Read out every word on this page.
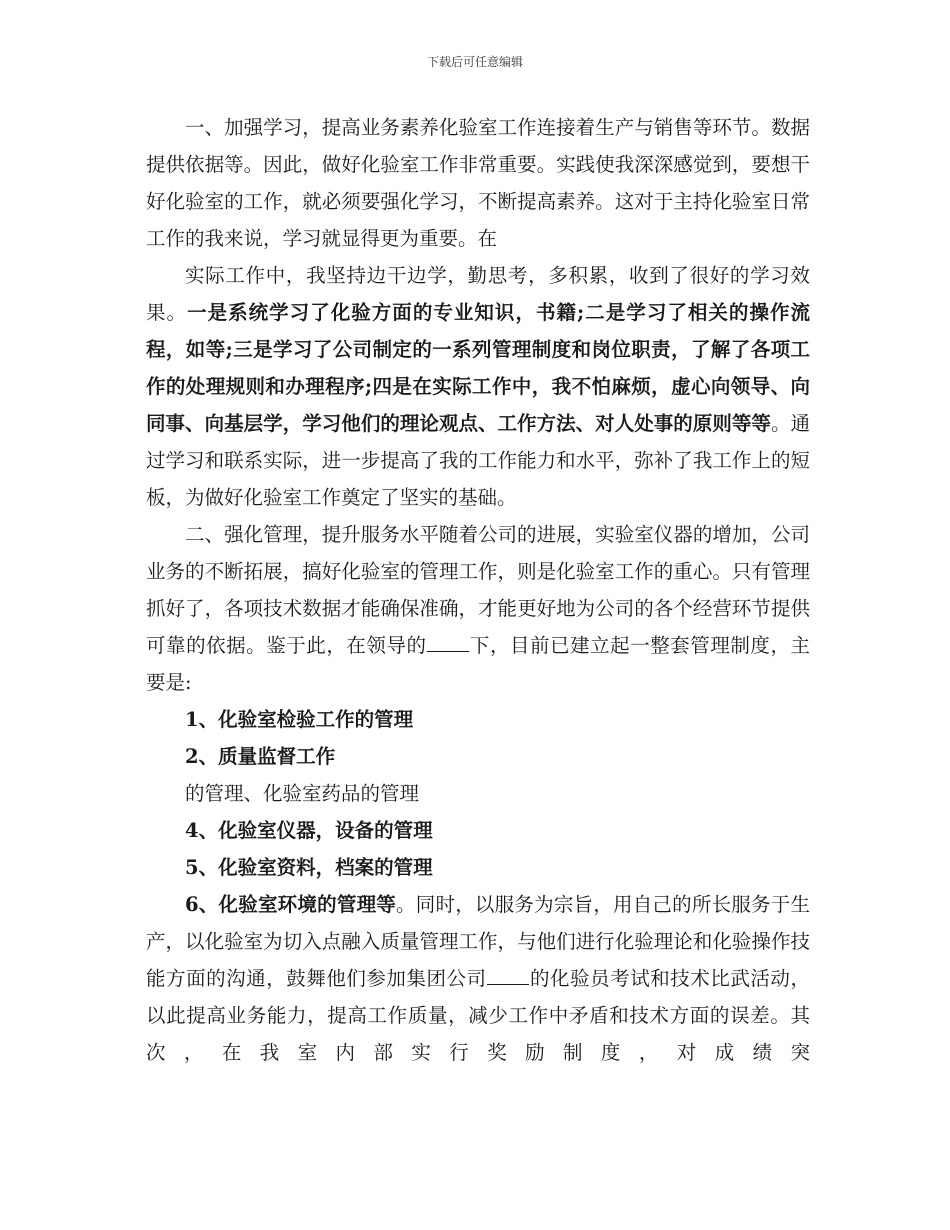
下载后可任意编辑

一、加强学习，提高业务素养化验室工作连接着生产与销售等环节。数据提供依据等。因此，做好化验室工作非常重要。实践使我深深感觉到，要想干好化验室的工作，就必须要强化学习，不断提高素养。这对于主持化验室日常工作的我来说，学习就显得更为重要。在

实际工作中，我坚持边干边学，勤思考，多积累，收到了很好的学习效果。一是系统学习了化验方面的专业知识，书籍;二是学习了相关的操作流程，如等;三是学习了公司制定的一系列管理制度和岗位职责，了解了各项工作的处理规则和办理程序;四是在实际工作中，我不怕麻烦，虚心向领导、向同事、向基层学，学习他们的理论观点、工作方法、对人处事的原则等等。通过学习和联系实际，进一步提高了我的工作能力和水平，弥补了我工作上的短板，为做好化验室工作奠定了坚实的基础。

二、强化管理，提升服务水平随着公司的进展，实验室仪器的增加，公司业务的不断拓展，搞好化验室的管理工作，则是化验室工作的重心。只有管理抓好了，各项技术数据才能确保准确，才能更好地为公司的各个经营环节提供可靠的依据。鉴于此，在领导的 下，目前已建立起一整套管理制度，主要是:

1、化验室检验工作的管理

2、质量监督工作

的管理、化验室药品的管理

4、化验室仪器，设备的管理

5、化验室资料，档案的管理

6、化验室环境的管理等。同时，以服务为宗旨，用自己的所长服务于生产，以化验室为切入点融入质量管理工作，与他们进行化验理论和化验操作技能方面的沟通，鼓舞他们参加集团公司 的化验员考试和技术比武活动，以此提高业务能力，提高工作质量，减少工作中矛盾和技术方面的误差。其次，在我室内部实行奖励制度，对成绩突
